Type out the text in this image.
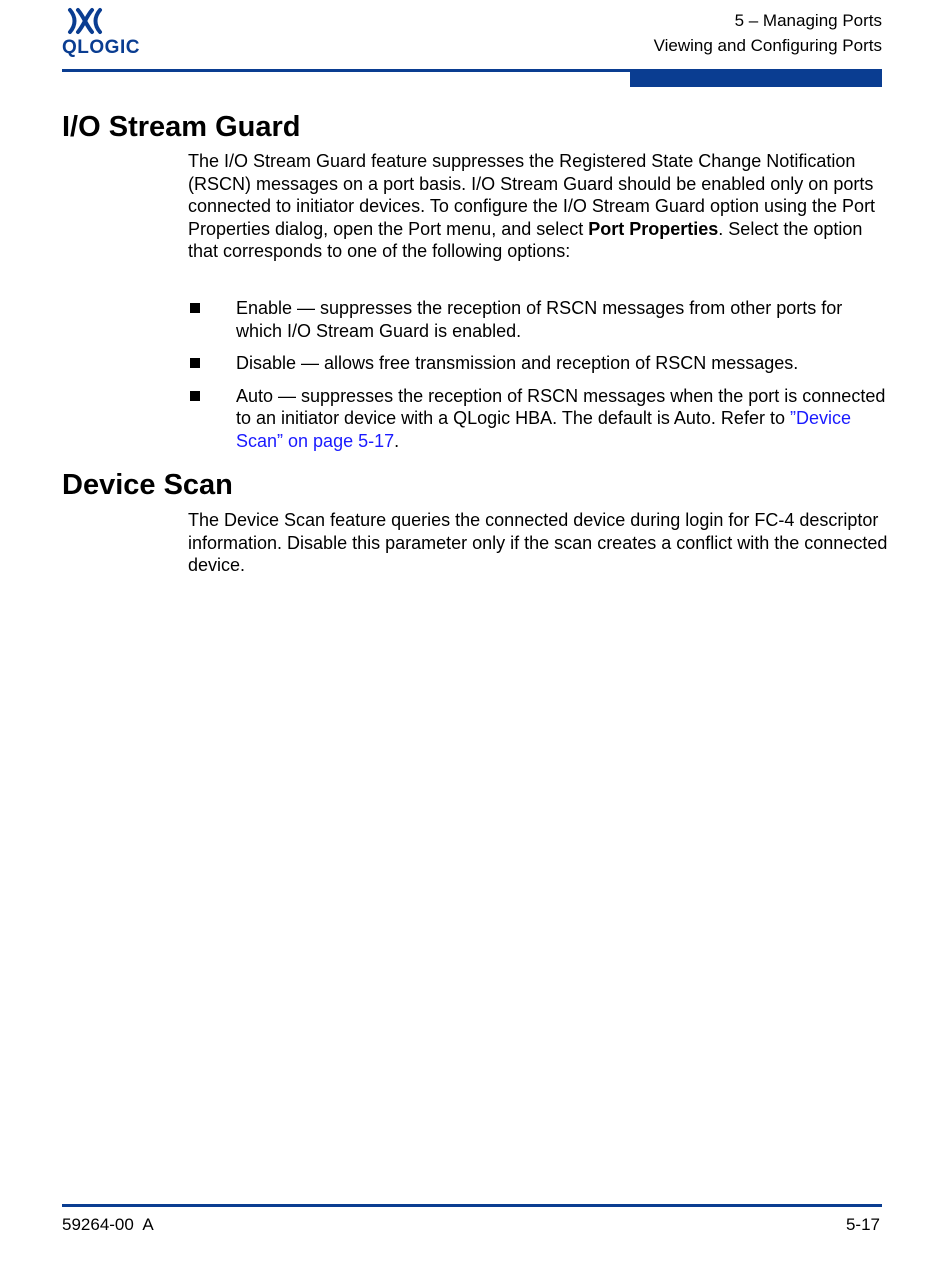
QLOGIC
5 – Managing Ports
Viewing and Configuring Ports
I/O Stream Guard

The I/O Stream Guard feature suppresses the Registered State Change Notification (RSCN) messages on a port basis. I/O Stream Guard should be enabled only on ports connected to initiator devices. To configure the I/O Stream Guard option using the Port Properties dialog, open the Port menu, and select Port Properties. Select the option that corresponds to one of the following options:

Enable — suppresses the reception of RSCN messages from other ports for which I/O Stream Guard is enabled.
Disable — allows free transmission and reception of RSCN messages.
Auto — suppresses the reception of RSCN messages when the port is connected to an initiator device with a QLogic HBA. The default is Auto. Refer to ”Device Scan” on page 5-17.
Device Scan

The Device Scan feature queries the connected device during login for FC-4 descriptor information. Disable this parameter only if the scan creates a conflict with the connected device.

59264-00  A	5-17
